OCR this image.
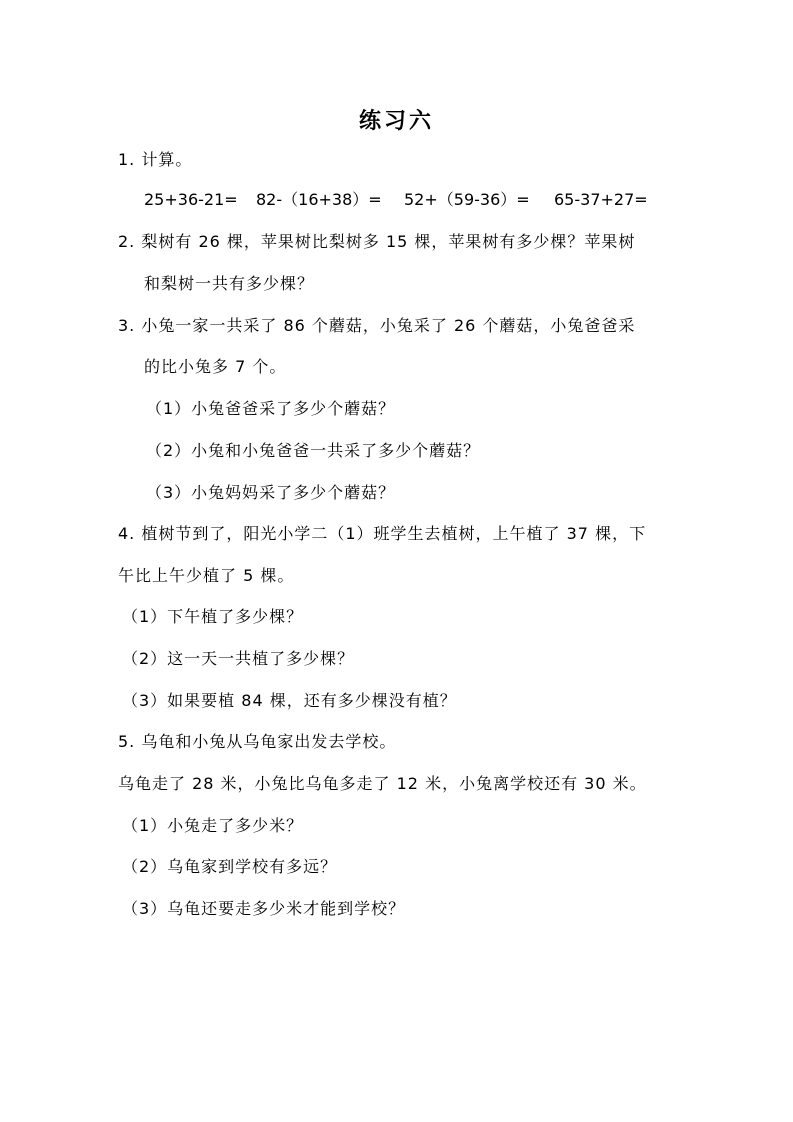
练习六
1. 计算。
25+36-21= 82-（16+38）= 52+（59-36）= 65-37+27=
2. 梨树有 26 棵，苹果树比梨树多 15 棵，苹果树有多少棵？苹果树
和梨树一共有多少棵？
3. 小兔一家一共采了 86 个蘑菇，小兔采了 26 个蘑菇，小兔爸爸采
的比小兔多 7 个。
（1）小兔爸爸采了多少个蘑菇？
（2）小兔和小兔爸爸一共采了多少个蘑菇？
（3）小兔妈妈采了多少个蘑菇？
4. 植树节到了，阳光小学二（1）班学生去植树，上午植了 37 棵，下
午比上午少植了 5 棵。
（1）下午植了多少棵？
（2）这一天一共植了多少棵？
（3）如果要植 84 棵，还有多少棵没有植？
5. 乌龟和小兔从乌龟家出发去学校。
乌龟走了 28 米，小兔比乌龟多走了 12 米，小兔离学校还有 30 米。
（1）小兔走了多少米？
（2）乌龟家到学校有多远？
（3）乌龟还要走多少米才能到学校？
